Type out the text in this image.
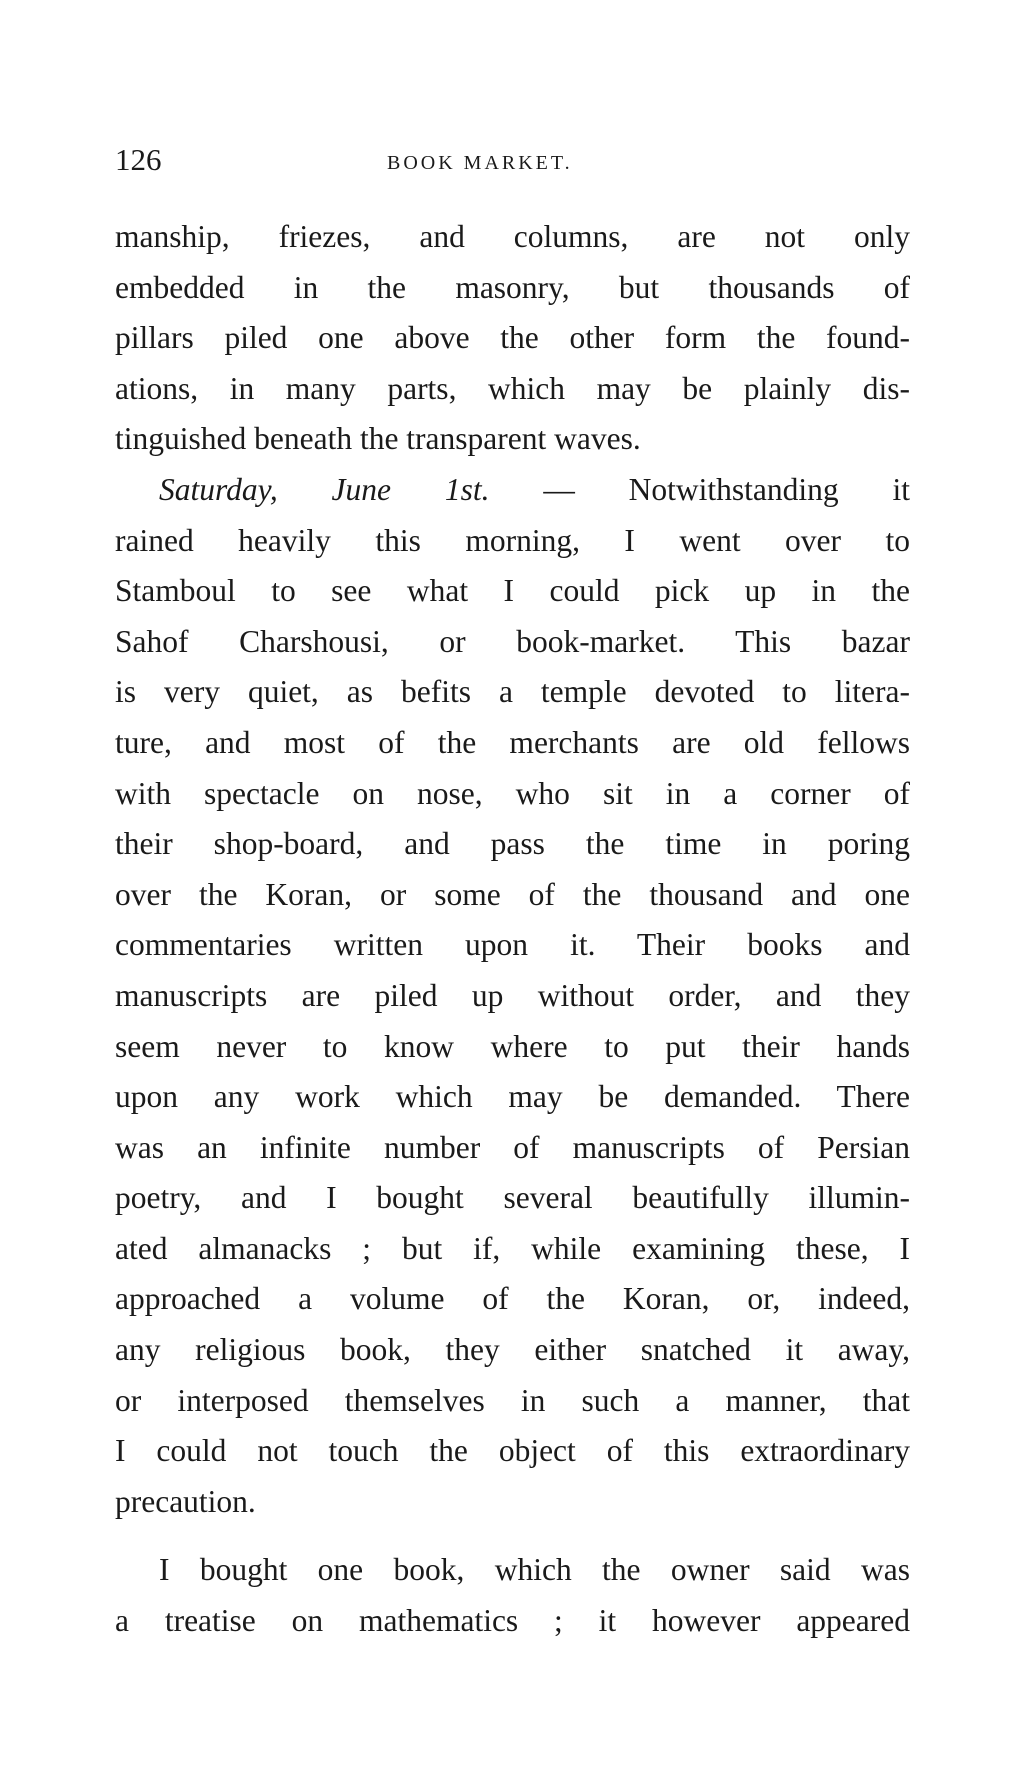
126	BOOK MARKET.
manship, friezes, and columns, are not only
embedded in the masonry, but thousands of
pillars piled one above the other form the found-
ations, in many parts, which may be plainly dis-
tinguished beneath the transparent waves.
Saturday, June 1st. — Notwithstanding it
rained heavily this morning, I went over to
Stamboul to see what I could pick up in the
Sahof Charshousi, or book-market. This bazar
is very quiet, as befits a temple devoted to litera-
ture, and most of the merchants are old fellows
with spectacle on nose, who sit in a corner of
their shop-board, and pass the time in poring
over the Koran, or some of the thousand and one
commentaries written upon it. Their books and
manuscripts are piled up without order, and they
seem never to know where to put their hands
upon any work which may be demanded. There
was an infinite number of manuscripts of Persian
poetry, and I bought several beautifully illumin-
ated almanacks ; but if, while examining these, I
approached a volume of the Koran, or, indeed,
any religious book, they either snatched it away,
or interposed themselves in such a manner, that
I could not touch the object of this extraordinary
precaution.
I bought one book, which the owner said was
a treatise on mathematics ; it however appeared
